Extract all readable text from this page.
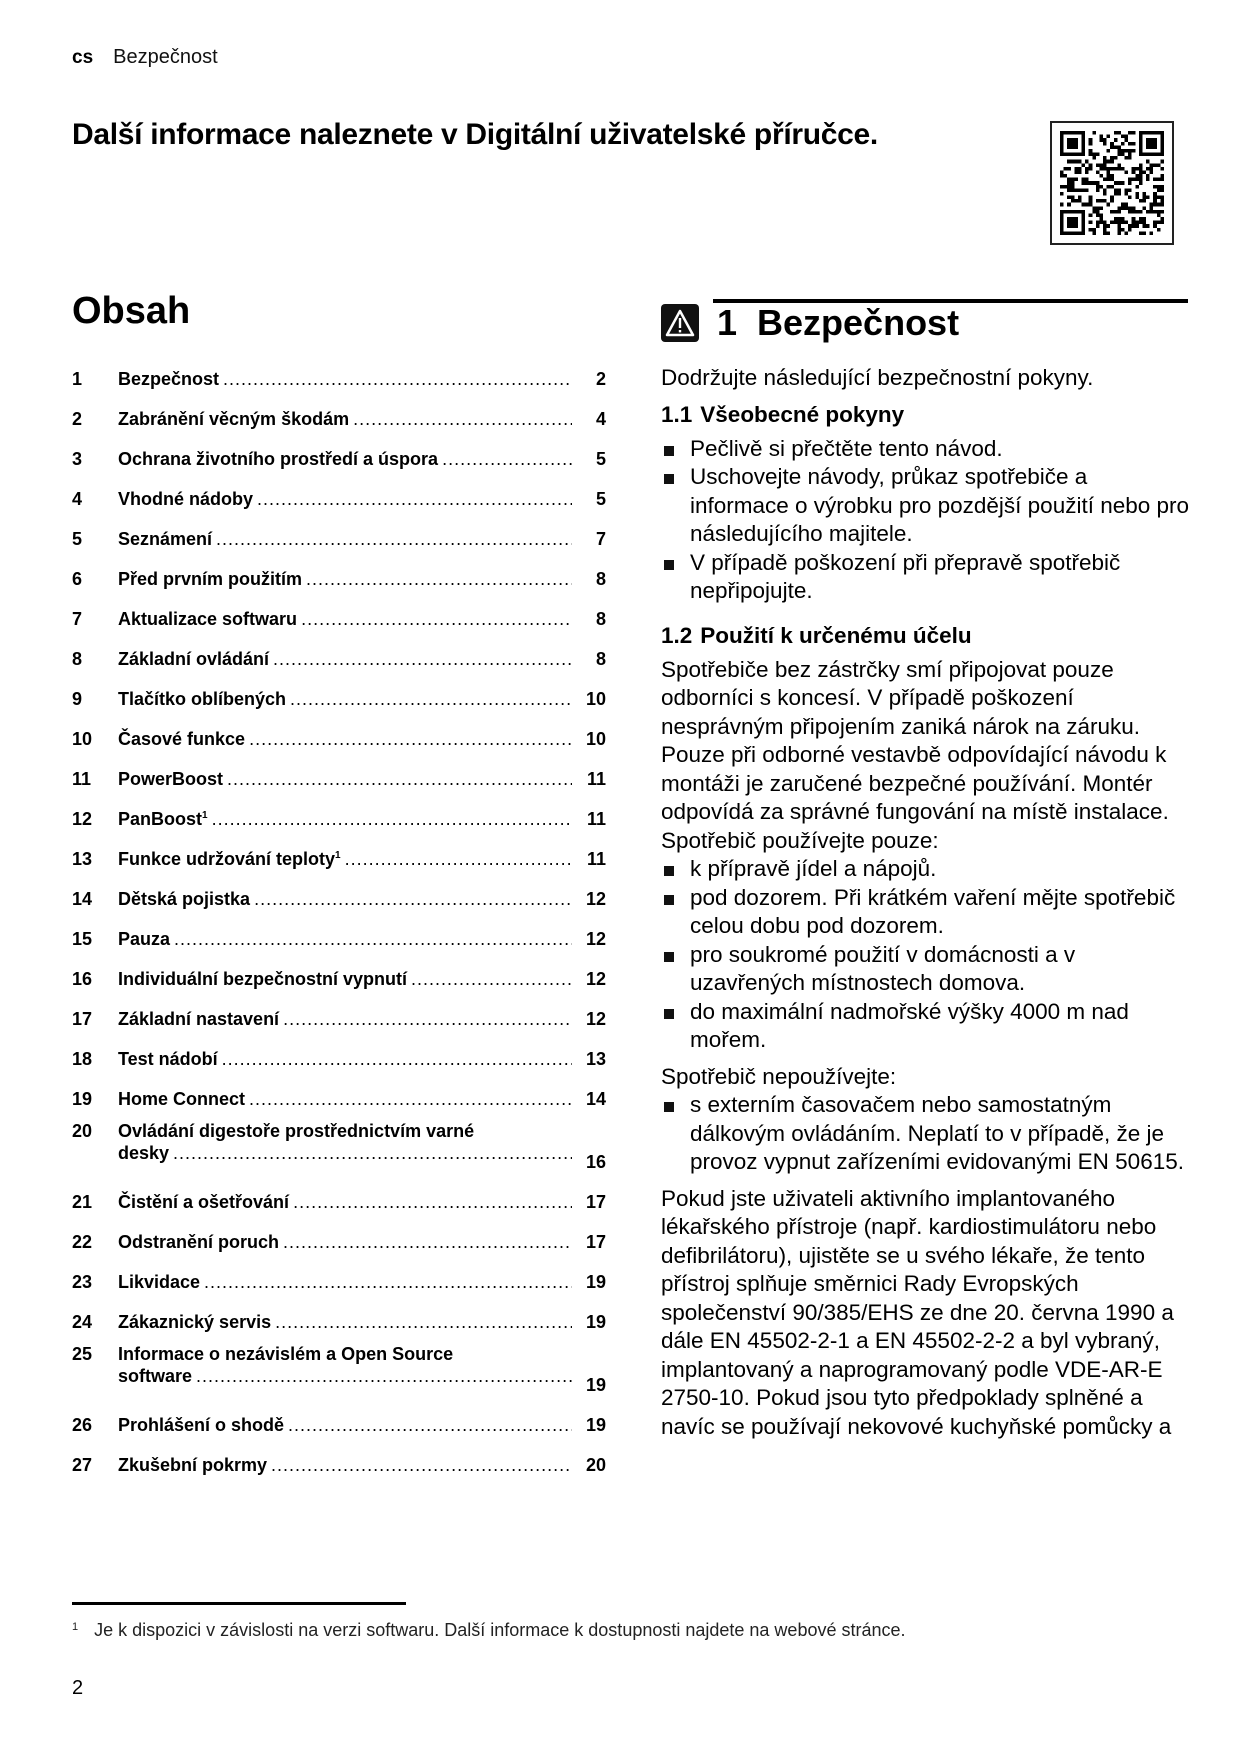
cs Bezpečnost
Další informace naleznete v Digitální uživatelské příručce.
Obsah
1	Bezpečnost .....	2
2	Zabránění věcným škodám .....	4
3	Ochrana životního prostředí a úspora .....	5
4	Vhodné nádoby .....	5
5	Seznámení .....	7
6	Před prvním použitím .....	8
7	Aktualizace softwaru .....	8
8	Základní ovládání .....	8
9	Tlačítko oblíbených .....	10
10	Časové funkce .....	10
11	PowerBoost .....	11
12	PanBoost$^1$ .....	11
13	Funkce udržování teploty$^1$ .....	11
14	Dětská pojistka .....	12
15	Pauza .....	12
16	Individuální bezpečnostní vypnutí .....	12
17	Základní nastavení .....	12
18	Test nádobí .....	13
19	Home Connect .....	14
20	Ovládání digestoře prostřednictvím varné
desky .....	16
21	Čistění a ošetřování .....	17
22	Odstranění poruch .....	17
23	Likvidace .....	19
24	Zákaznický servis .....	19
25	Informace o nezávislém a Open Source
software .....	19
26	Prohlášení o shodě .....	19
27	Zkušební pokrmy .....	20
1  Bezpečnost

Dodržujte následující bezpečnostní pokyny.

1.1 Všeobecné pokyny
Pečlivě si přečtěte tento návod.
Uschovejte návody, průkaz spotřebiče a informace o výrobku pro pozdější použití nebo pro následujícího majitele.
V případě poškození při přepravě spotřebič nepřipojujte.
1.2 Použití k určenému účelu

Spotřebiče bez zástrčky smí připojovat pouze odborníci s koncesí. V případě poškození nesprávným připojením zaniká nárok na záruku. Pouze při odborné vestavbě odpovídající návodu k montáži je zaručené bezpečné používání. Montér odpovídá za správné fungování na místě instalace.

Spotřebič používejte pouze:

k přípravě jídel a nápojů.
pod dozorem. Při krátkém vaření mějte spotřebič celou dobu pod dozorem.
pro soukromé použití v domácnosti a v uzavřených místnostech domova.
do maximální nadmořské výšky 4000 m nad mořem.

Spotřebič nepoužívejte:

s externím časovačem nebo samostatným dálkovým ovládáním. Neplatí to v případě, že je provoz vypnut zařízeními evidovanými EN 50615.

Pokud jste uživateli aktivního implantovaného lékařského přístroje (např. kardiostimulátoru nebo defibrilátoru), ujistěte se u svého lékaře, že tento přístroj splňuje směrnici Rady Evropských společenství 90/385/EHS ze dne 20. června 1990 a dále EN 45502-2-1 a EN 45502-2-2 a byl vybraný, implantovaný a naprogramovaný podle VDE-AR-E 2750-10. Pokud jsou tyto předpoklady splněné a navíc se používají nekovové kuchyňské pomůcky a

1 Je k dispozici v závislosti na verzi softwaru. Další informace k dostupnosti najdete na webové stránce.
2
